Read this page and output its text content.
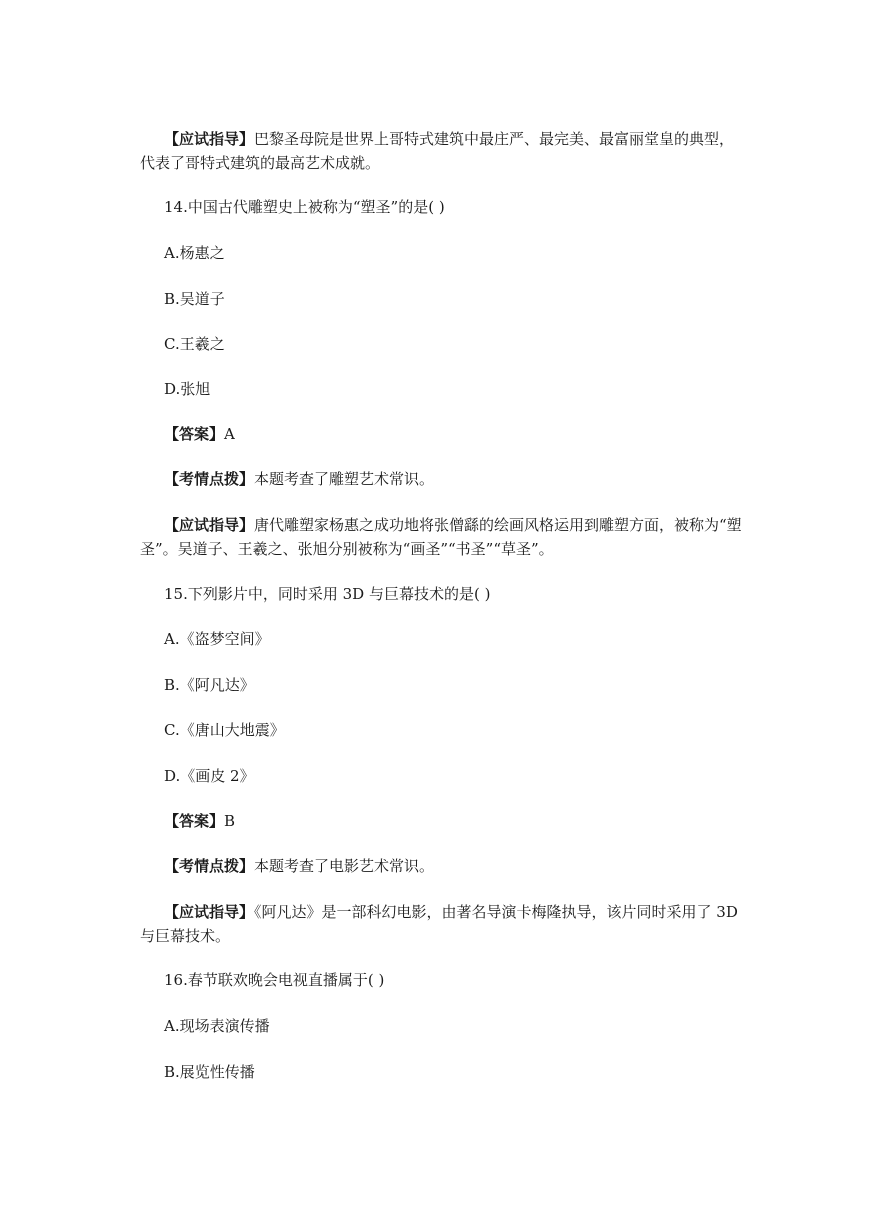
【应试指导】巴黎圣母院是世界上哥特式建筑中最庄严、最完美、最富丽堂皇的典型，
代表了哥特式建筑的最高艺术成就。
14.中国古代雕塑史上被称为“塑圣”的是( )
A.杨惠之
B.吴道子
C.王羲之
D.张旭
【答案】A
【考情点拨】本题考查了雕塑艺术常识。
【应试指导】唐代雕塑家杨惠之成功地将张僧繇的绘画风格运用到雕塑方面，被称为“塑
圣”。吴道子、王羲之、张旭分别被称为“画圣”“书圣”“草圣”。
15.下列影片中，同时采用 3D 与巨幕技术的是( )
A.《盗梦空间》
B.《阿凡达》
C.《唐山大地震》
D.《画皮 2》
【答案】B
【考情点拨】本题考查了电影艺术常识。
【应试指导】《阿凡达》是一部科幻电影，由著名导演卡梅隆执导，该片同时采用了 3D
与巨幕技术。
16.春节联欢晚会电视直播属于( )
A.现场表演传播
B.展览性传播
